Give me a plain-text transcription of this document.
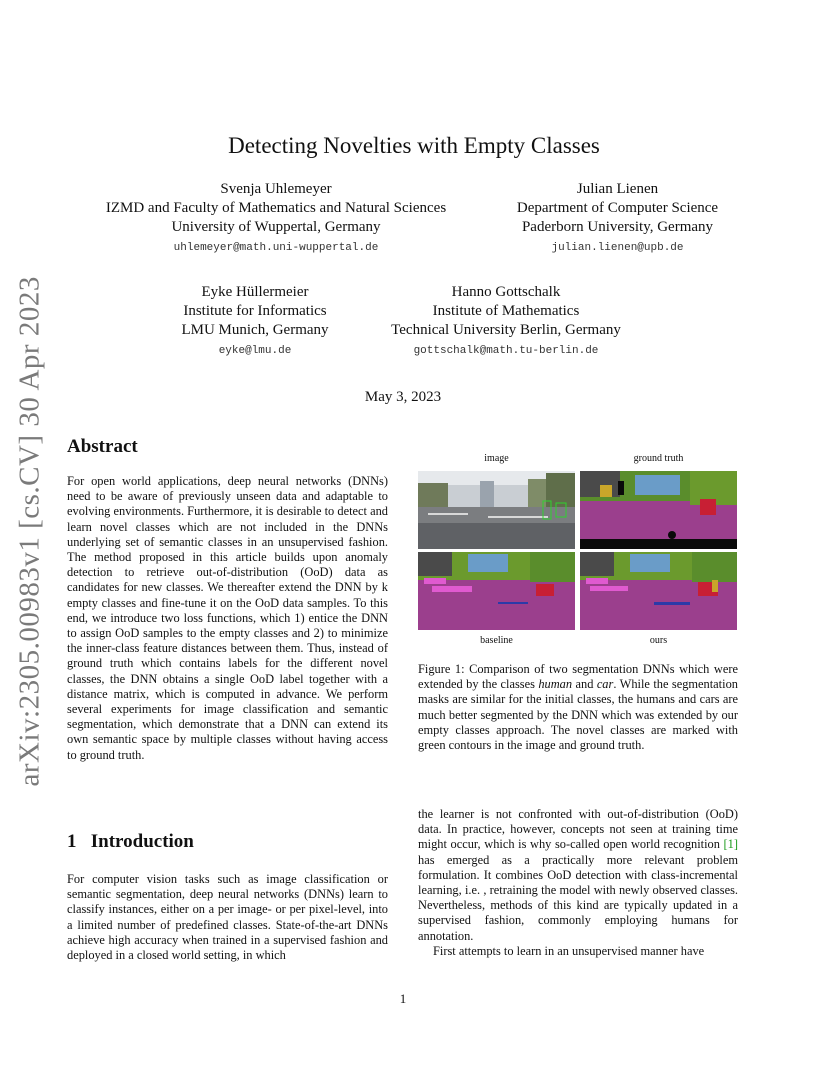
arXiv:2305.00983v1 [cs.CV] 30 Apr 2023
Detecting Novelties with Empty Classes
Svenja Uhlemeyer
IZMD and Faculty of Mathematics and Natural Sciences
University of Wuppertal, Germany
uhlemeyer@math.uni-wuppertal.de
Julian Lienen
Department of Computer Science
Paderborn University, Germany
julian.lienen@upb.de
Eyke Hüllermeier
Institute for Informatics
LMU Munich, Germany
eyke@lmu.de
Hanno Gottschalk
Institute of Mathematics
Technical University Berlin, Germany
gottschalk@math.tu-berlin.de
May 3, 2023
Abstract

For open world applications, deep neural networks (DNNs) need to be aware of previously unseen data and adaptable to evolving environments. Furthermore, it is desirable to detect and learn novel classes which are not included in the DNNs underlying set of semantic classes in an unsupervised fashion. The method proposed in this article builds upon anomaly detection to retrieve out-of-distribution (OoD) data as candidates for new classes. We thereafter extend the DNN by k empty classes and fine-tune it on the OoD data samples. To this end, we introduce two loss functions, which 1) entice the DNN to assign OoD samples to the empty classes and 2) to minimize the inner-class feature distances between them. Thus, instead of ground truth which contains labels for the different novel classes, the DNN obtains a single OoD label together with a distance matrix, which is computed in advance. We perform several experiments for image classification and semantic segmentation, which demonstrate that a DNN can extend its own semantic space by multiple classes without having access to ground truth.

1 Introduction

For computer vision tasks such as image classification or semantic segmentation, deep neural networks (DNNs) learn to classify instances, either on a per image- or per pixel-level, into a limited number of predefined classes. State-of-the-art DNNs achieve high accuracy when trained in a supervised fashion and deployed in a closed world setting, in which

image	ground truth
baseline	ours

Figure 1: Comparison of two segmentation DNNs which were extended by the classes human and car. While the segmentation masks are similar for the initial classes, the humans and cars are much better segmented by the DNN which was extended by our empty classes approach. The novel classes are marked with green contours in the image and ground truth.

the learner is not confronted with out-of-distribution (OoD) data. In practice, however, concepts not seen at training time might occur, which is why so-called open world recognition [1] has emerged as a practically more relevant problem formulation. It combines OoD detection with class-incremental learning, i.e. , retraining the model with newly observed classes. Nevertheless, methods of this kind are typically updated in a supervised fashion, commonly employing humans for annotation.

First attempts to learn in an unsupervised manner have

1
